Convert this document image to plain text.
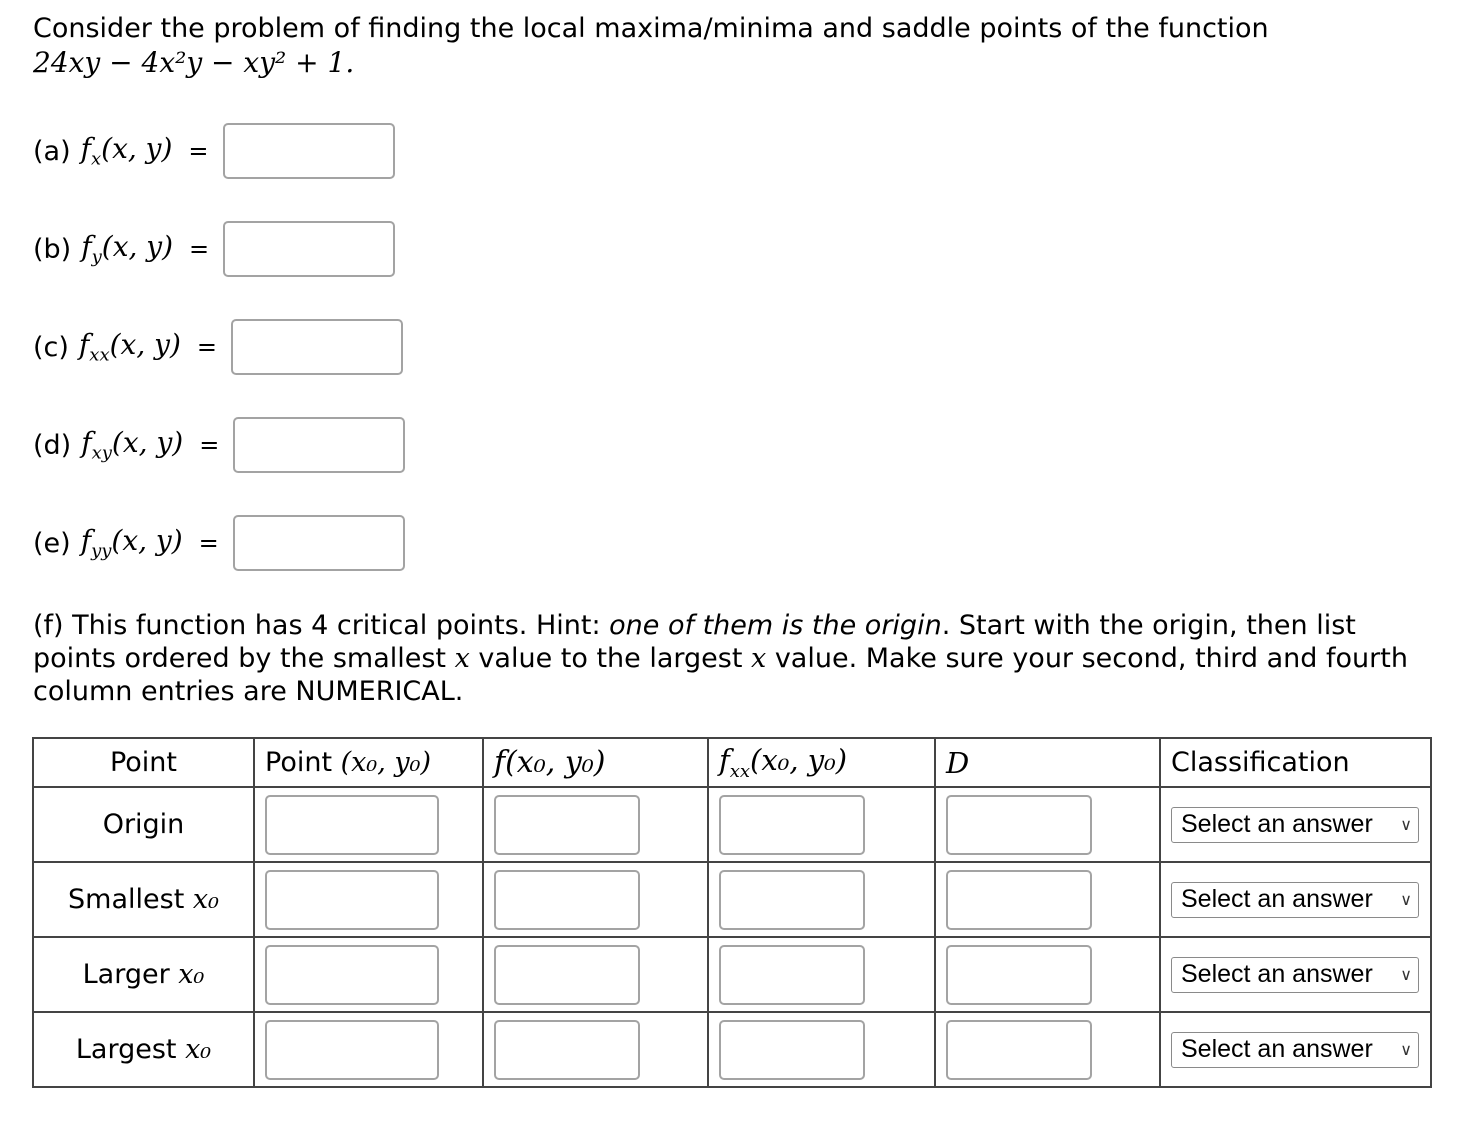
Consider the problem of finding the local maxima/minima and saddle points of the function
24xy − 4x²y − xy² + 1.
(a) $f_x(x$, y) =
(b) $f_y(x$, y) =
(c) $f_{xx}(x$, y) =
(d) $f_{xy}(x$, y) =
(e) $f_{yy}(x$, y) =
(f) This function has 4 critical points. Hint: one of them is the origin. Start with the origin, then list points ordered by the smallest x value to the largest x value. Make sure your second, third and fourth column entries are NUMERICAL.
Point	Point (x₀, y₀)	f(x₀, y₀)	$f_{xx}(x_0$, y₀)	D	Classification
Origin					Select an answer ∨

Smallest x₀					Select an answer ∨

Larger x₀					Select an answer ∨

Largest x₀					Select an answer ∨
